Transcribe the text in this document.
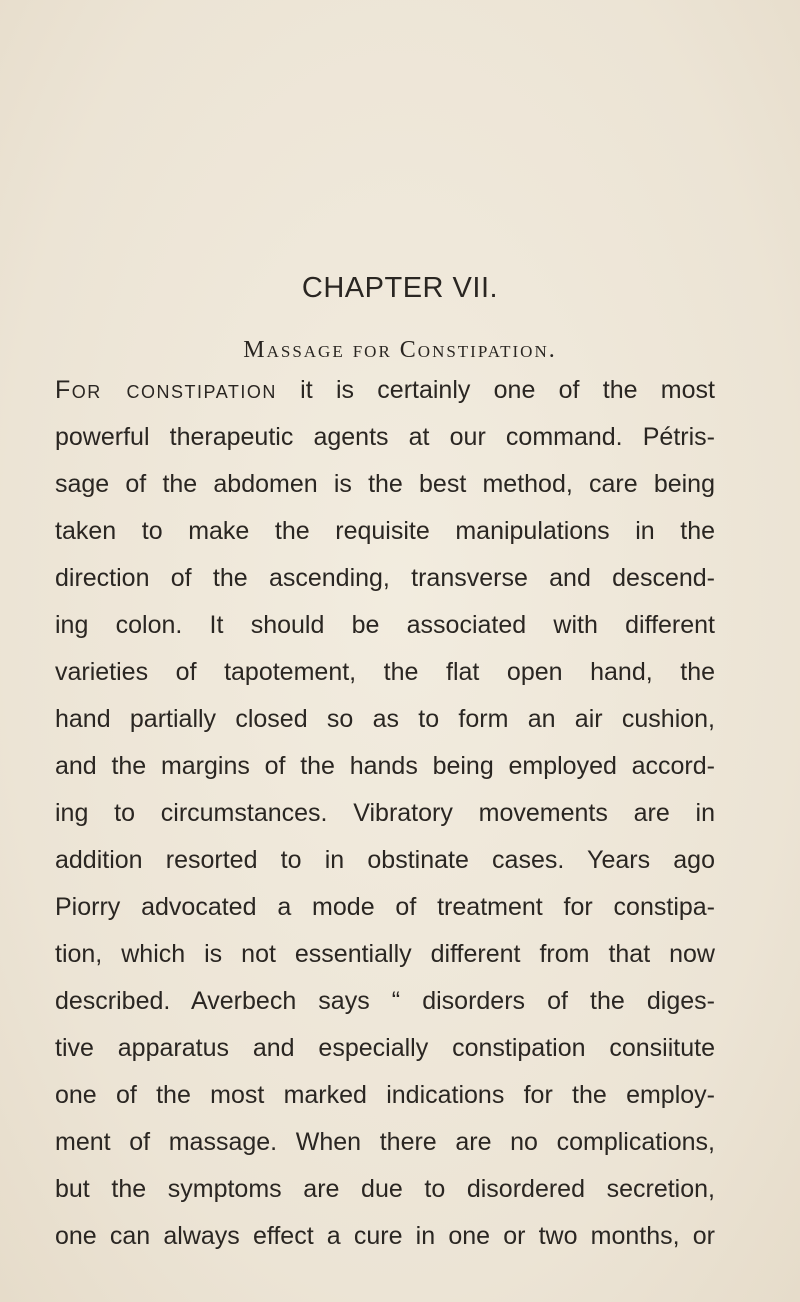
CHAPTER VII.
Massage for Constipation.
For constipation it is certainly one of the most
powerful therapeutic agents at our command. Pétris-
sage of the abdomen is the best method, care being
taken to make the requisite manipulations in the
direction of the ascending, transverse and descend-
ing colon. It should be associated with different
varieties of tapotement, the flat open hand, the
hand partially closed so as to form an air cushion,
and the margins of the hands being employed accord-
ing to circumstances. Vibratory movements are in
addition resorted to in obstinate cases. Years ago
Piorry advocated a mode of treatment for constipa-
tion, which is not essentially different from that now
described. Averbech says “ disorders of the diges-
tive apparatus and especially constipation consiitute
one of the most marked indications for the employ-
ment of massage. When there are no complications,
but the symptoms are due to disordered secretion,
one can always effect a cure in one or two months, or
